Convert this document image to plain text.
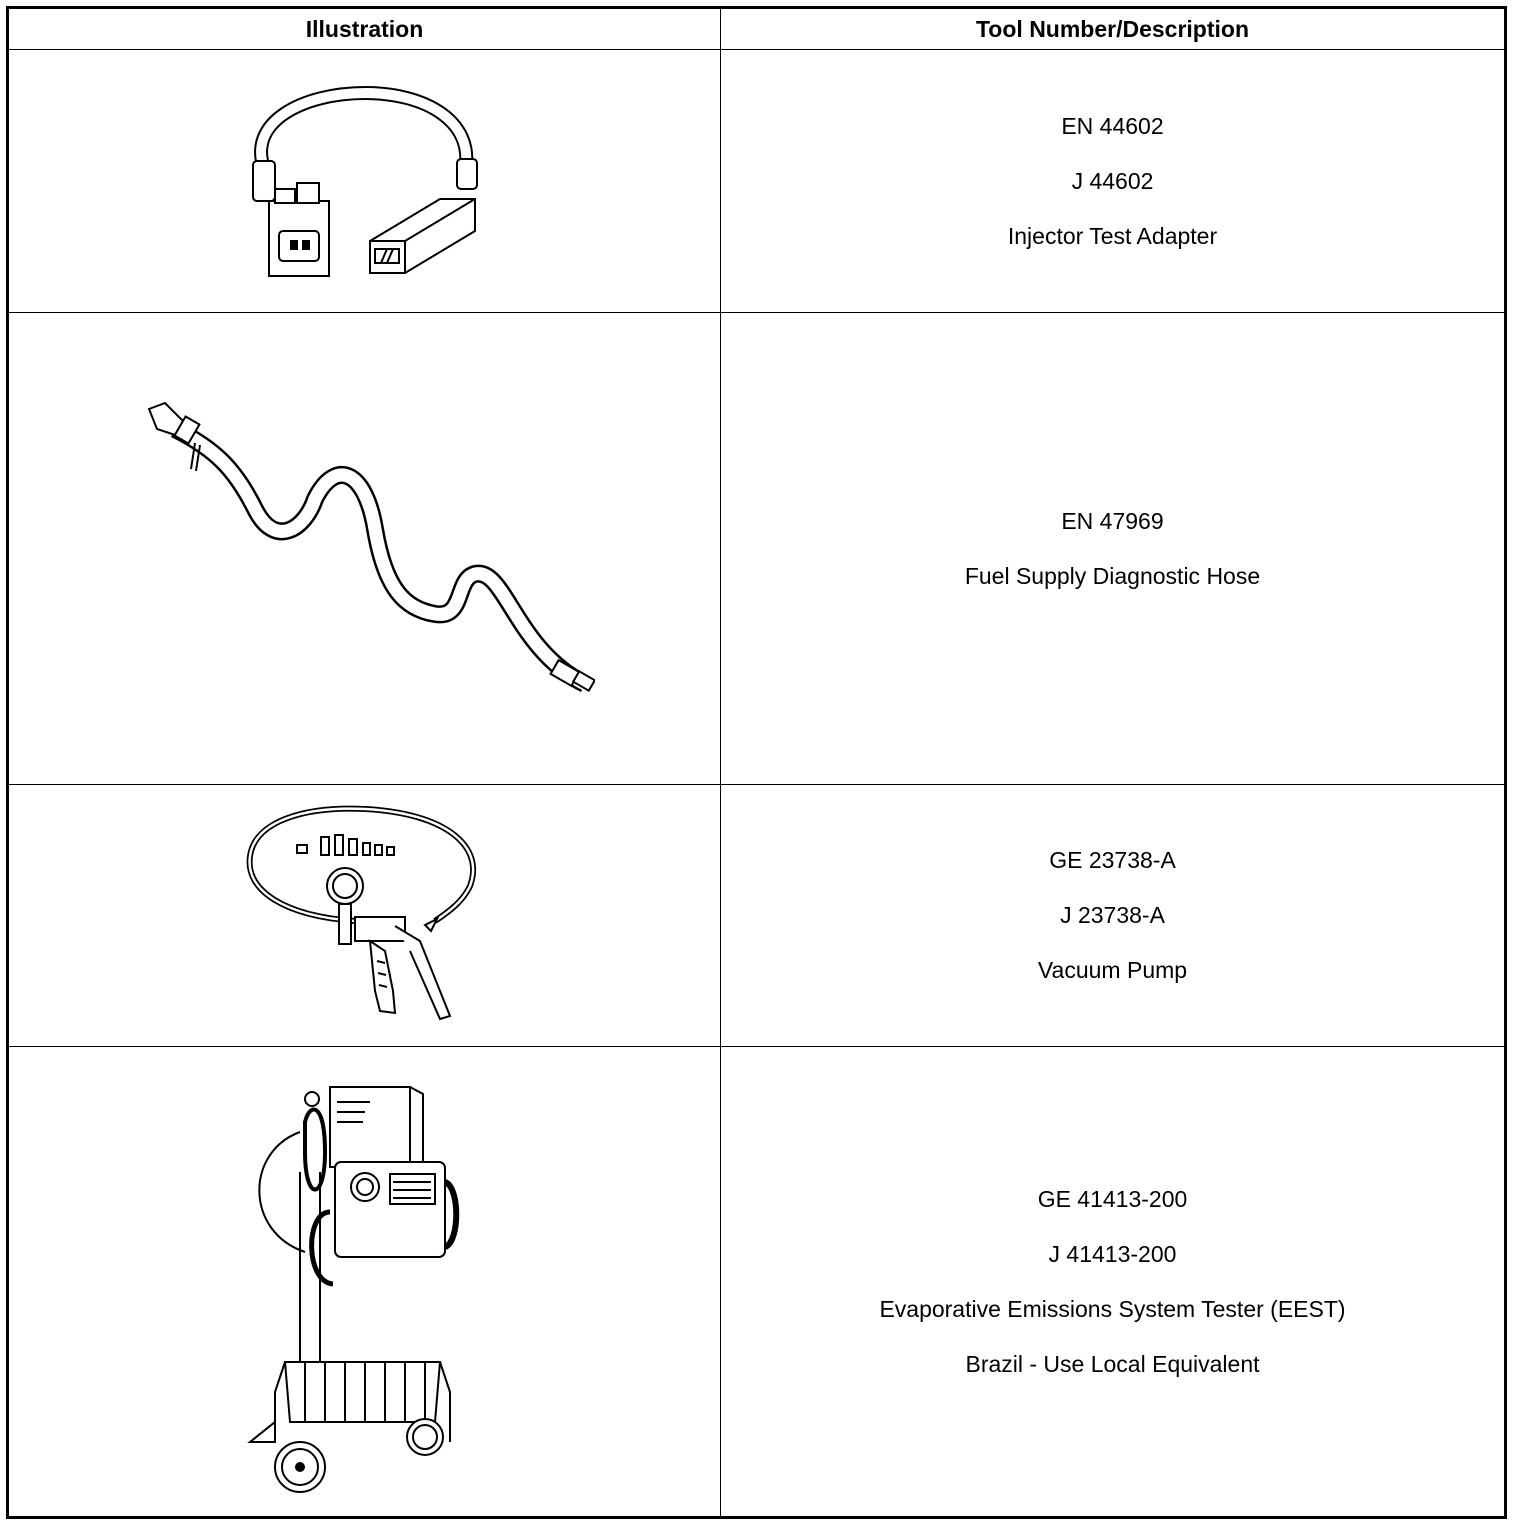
Illustration	Tool Number/Description

EN 44602
J 44602
Injector Test Adapter

EN 47969
Fuel Supply Diagnostic Hose

GE 23738-A
J 23738-A
Vacuum Pump

GE 41413-200
J 41413-200
Evaporative Emissions System Tester (EEST)
Brazil - Use Local Equivalent
